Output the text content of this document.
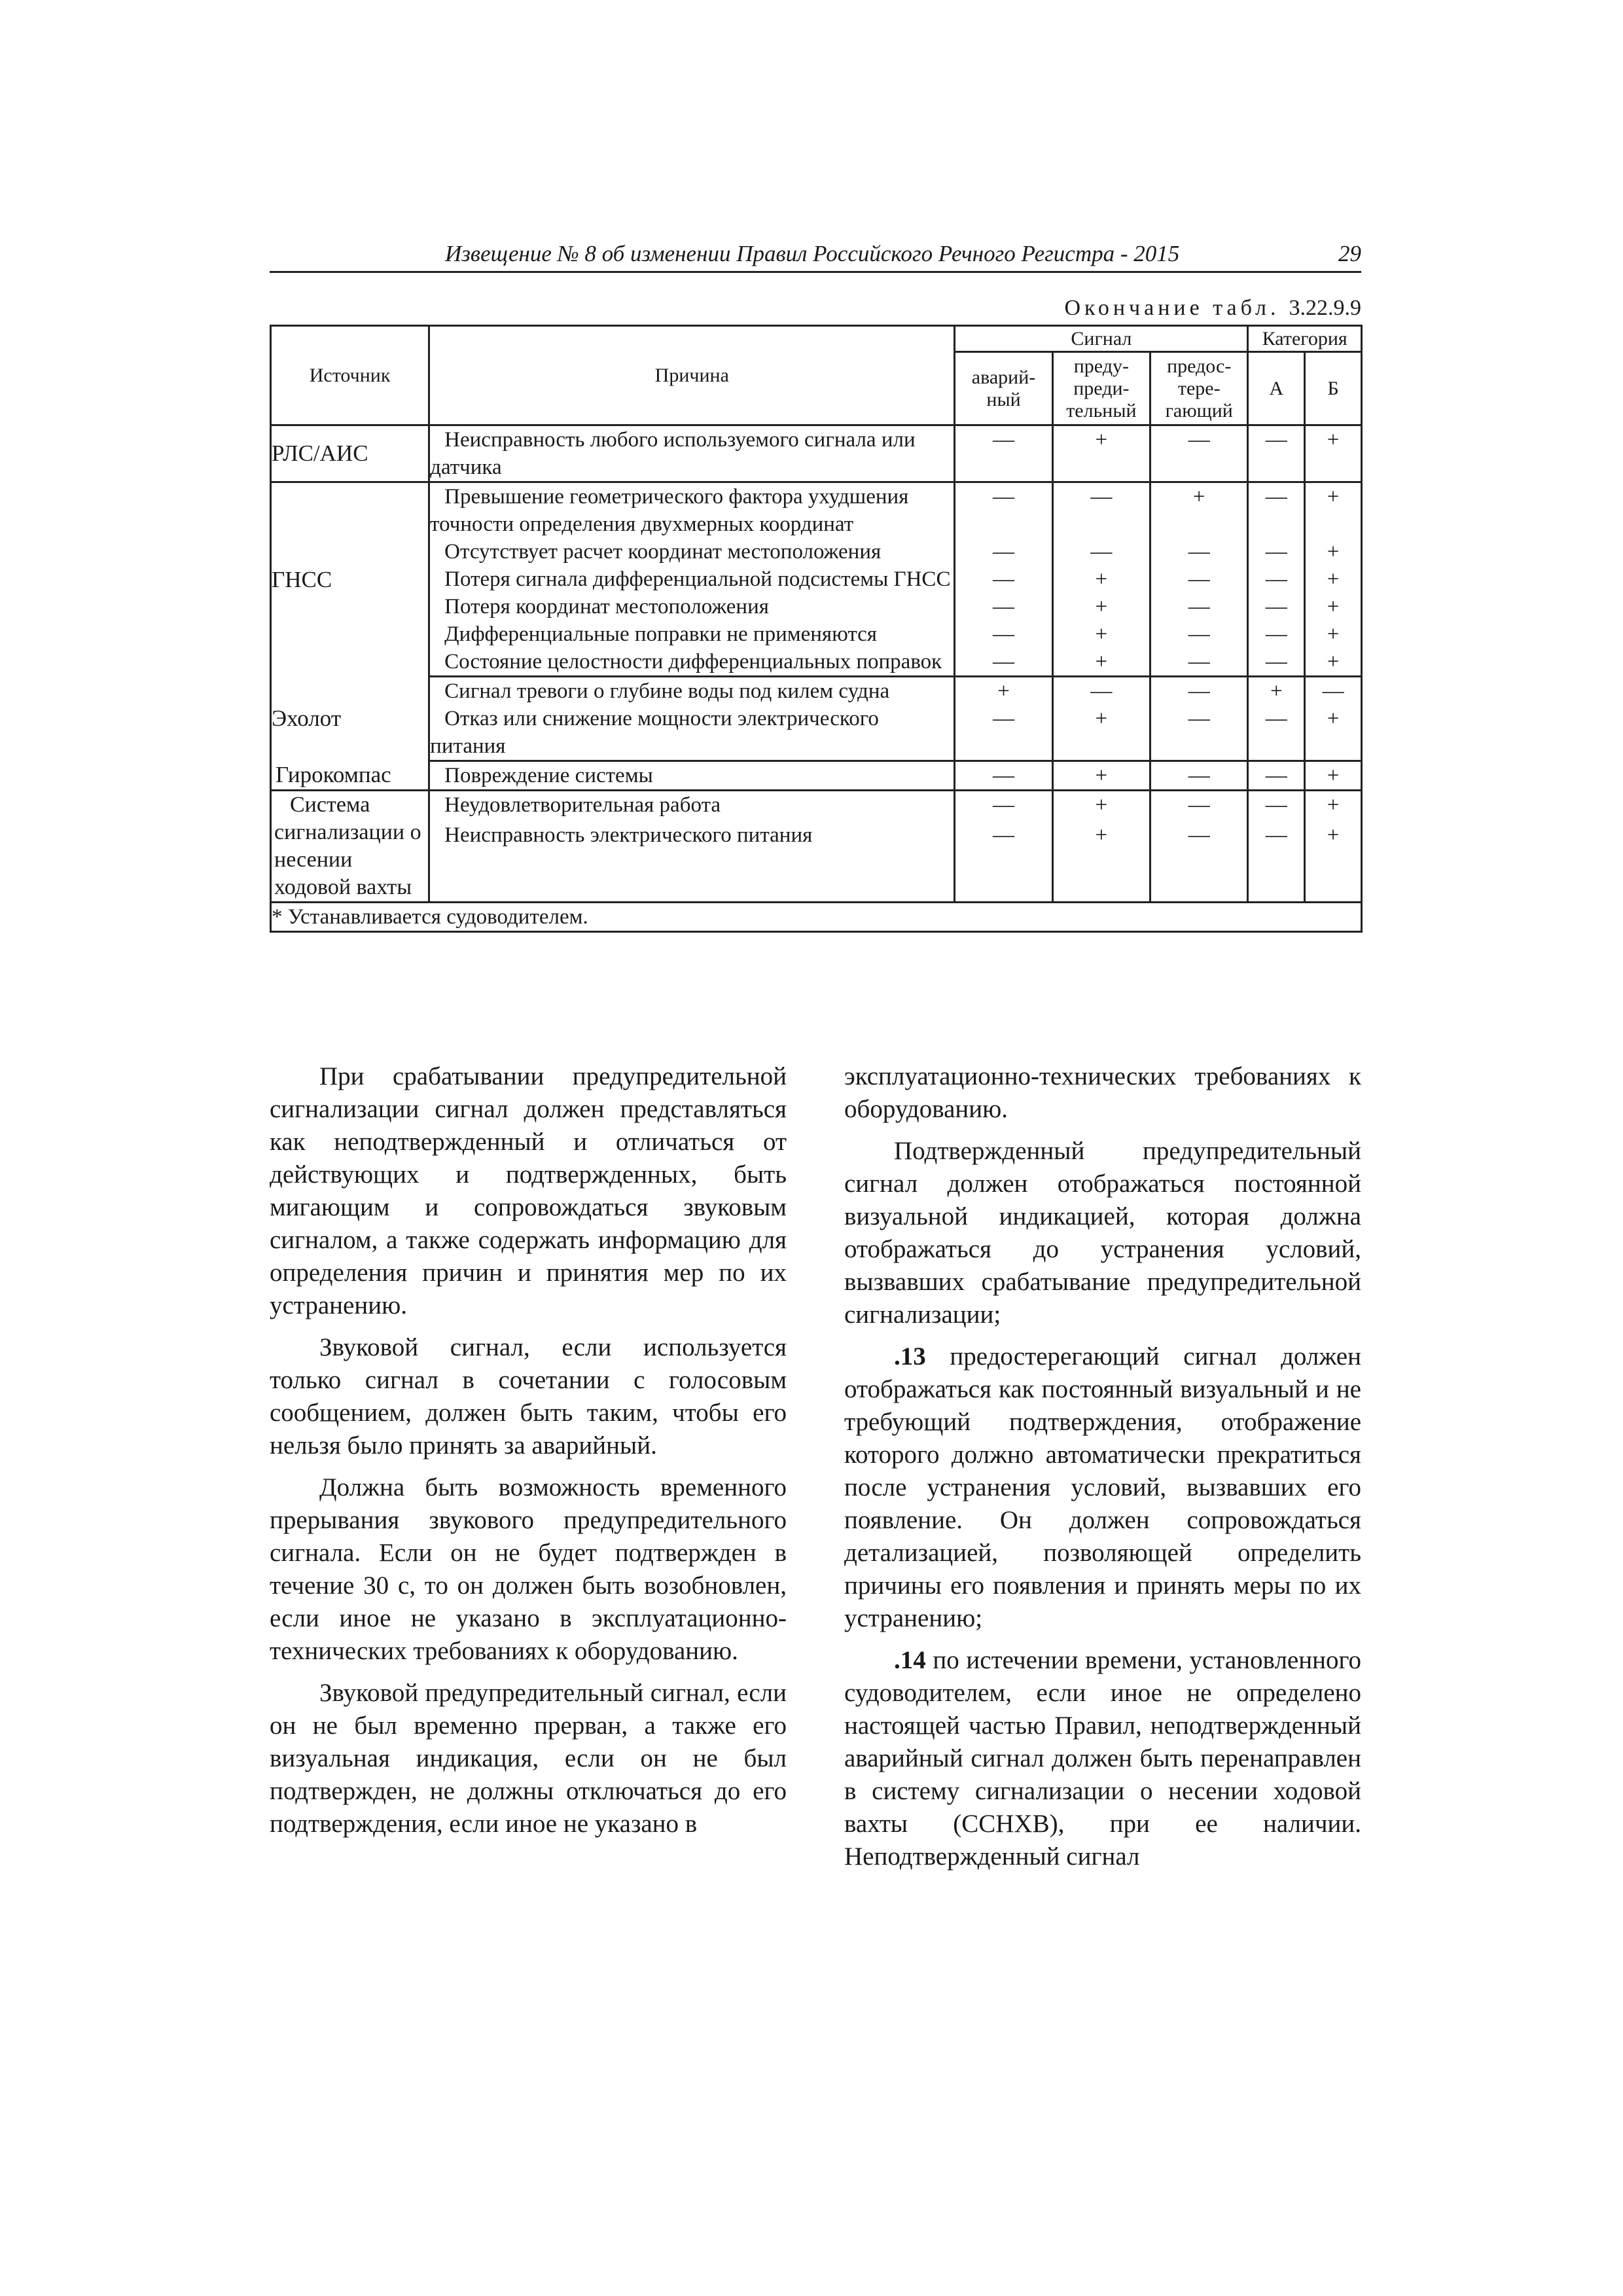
Извещение № 8 об изменении Правил Российского Речного Регистра - 2015	29
Окончание табл. 3.22.9.9
Источник	Причина	Сигнал			Категория	
		аварий-ный	преду-преди-тельный	предос-тере-гающий	А	Б
РЛС/АИС	Неисправность любого используемого сигнала или датчика	—	+	—	—	+
ГНСС	Превышение геометрического фактора ухудшения точности определения двухмерных координат	—	—	+	—	+
	Отсутствует расчет координат местоположения	—	—	—	—	+
	Потеря сигнала дифференциальной подсистемы ГНСС	—	+	—	—	+
	Потеря координат местоположения	—	+	—	—	+
	Дифференциальные поправки не применяются	—	+	—	—	+
	Состояние целостности дифференциальных поправок	—	+	—	—	+
Эхолот	Сигнал тревоги о глубине воды под килем судна	+	—	—	+	—
	Отказ или снижение мощности электрического питания	—	+	—	—	+
Гирокомпас	Повреждение системы	—	+	—	—	+
Система сигнализации о несении ходовой вахты	Неудовлетворительная работа	—	+	—	—	+
	Неисправность электрического питания	—	+	—	—	+
* Устанавливается судоводителем.						

При срабатывании предупредительной сигнализации сигнал должен представляться как неподтвержденный и отличаться от действующих и подтвержденных, быть мигающим и сопровождаться звуковым сигналом, а также содержать информацию для определения причин и принятия мер по их устранению.

Звуковой сигнал, если используется только сигнал в сочетании с голосовым сообщением, должен быть таким, чтобы его нельзя было принять за аварийный.

Должна быть возможность временного прерывания звукового предупредительного сигнала. Если он не будет подтвержден в течение 30 с, то он должен быть возобновлен, если иное не указано в эксплуатационно-технических требованиях к оборудованию.

Звуковой предупредительный сигнал, если он не был временно прерван, а также его визуальная индикация, если он не был подтвержден, не должны отключаться до его подтверждения, если иное не указано в

эксплуатационно-технических требованиях к оборудованию.

Подтвержденный предупредительный сигнал должен отображаться постоянной визуальной индикацией, которая должна отображаться до устранения условий, вызвавших срабатывание предупредительной сигнализации;

.13 предостерегающий сигнал должен отображаться как постоянный визуальный и не требующий подтверждения, отображение которого должно автоматически прекратиться после устранения условий, вызвавших его появление. Он должен сопровождаться детализацией, позволяющей определить причины его появления и принять меры по их устранению;

.14 по истечении времени, установленного судоводителем, если иное не определено настоящей частью Правил, неподтвержденный аварийный сигнал должен быть перенаправлен в систему сигнализации о несении ходовой вахты (ССНХВ), при ее наличии. Неподтвержденный сигнал
